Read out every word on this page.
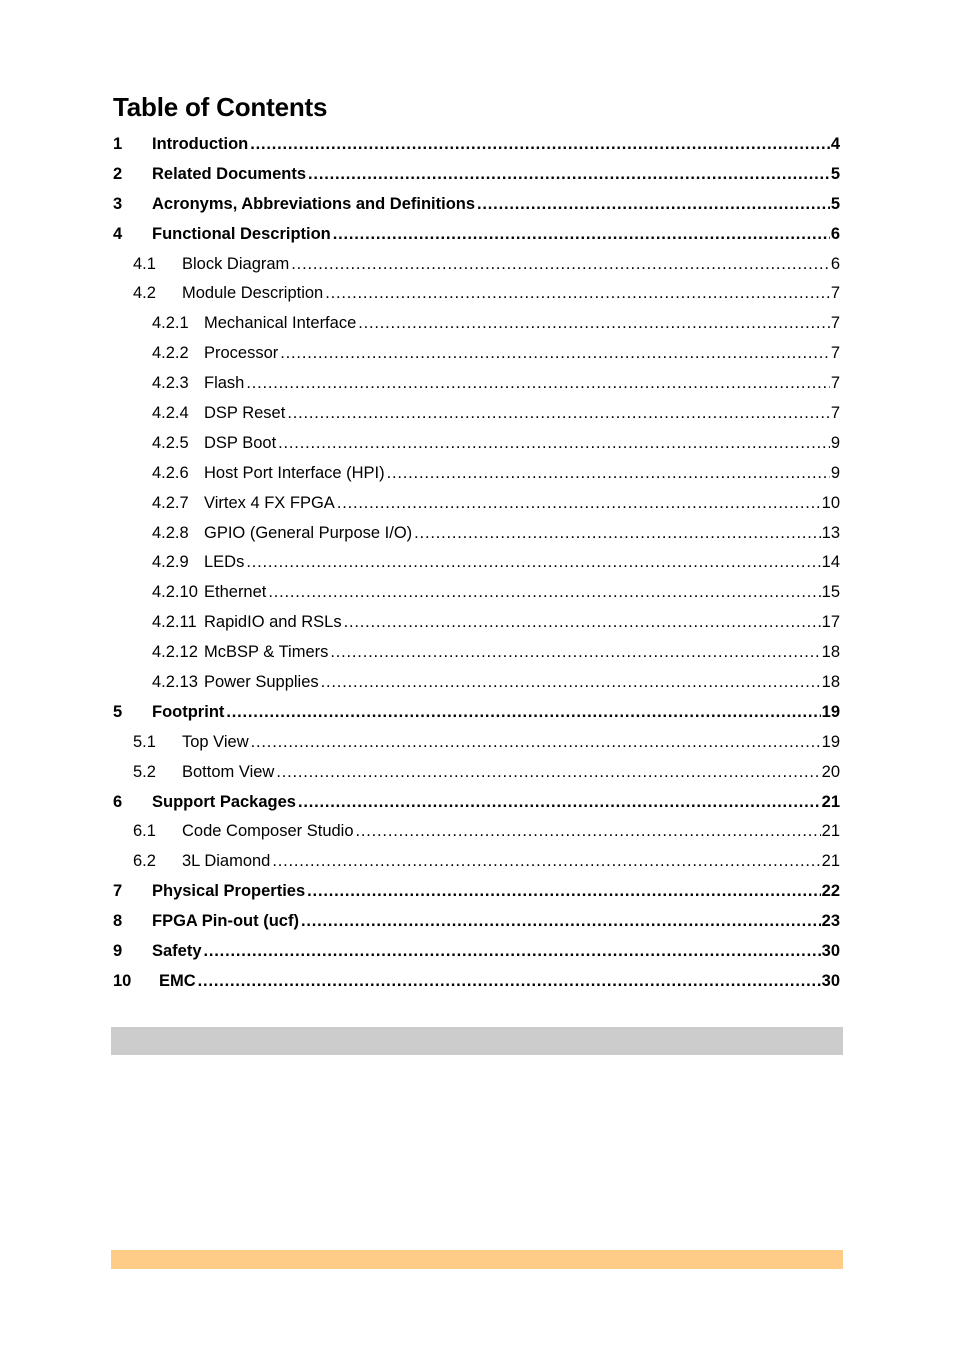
Table of Contents
1	Introduction .....	4
2	Related Documents .....	5
3	Acronyms, Abbreviations and Definitions .....	5
4	Functional Description .....	6
4.1	Block Diagram .....	6
4.2	Module Description .....	7
4.2.1 Mechanical Interface .....	7
4.2.2 Processor .....	7
4.2.3 Flash .....	7
4.2.4 DSP Reset .....	7
4.2.5 DSP Boot .....	9
4.2.6 Host Port Interface (HPI) .....	9
4.2.7 Virtex 4 FX FPGA .....	10
4.2.8 GPIO (General Purpose I/O) .....	13
4.2.9 LEDs .....	14
4.2.10 Ethernet .....	15
4.2.11 RapidIO and RSLs .....	17
4.2.12 McBSP & Timers .....	18
4.2.13 Power Supplies .....	18
5	Footprint .....	19
5.1	Top View .....	19
5.2	Bottom View .....	20
6	Support Packages .....	21
6.1	Code Composer Studio .....	21
6.2	3L Diamond .....	21
7	Physical Properties .....	22
8	FPGA Pin-out (ucf) .....	23
9	Safety .....	30
10	EMC .....	30
